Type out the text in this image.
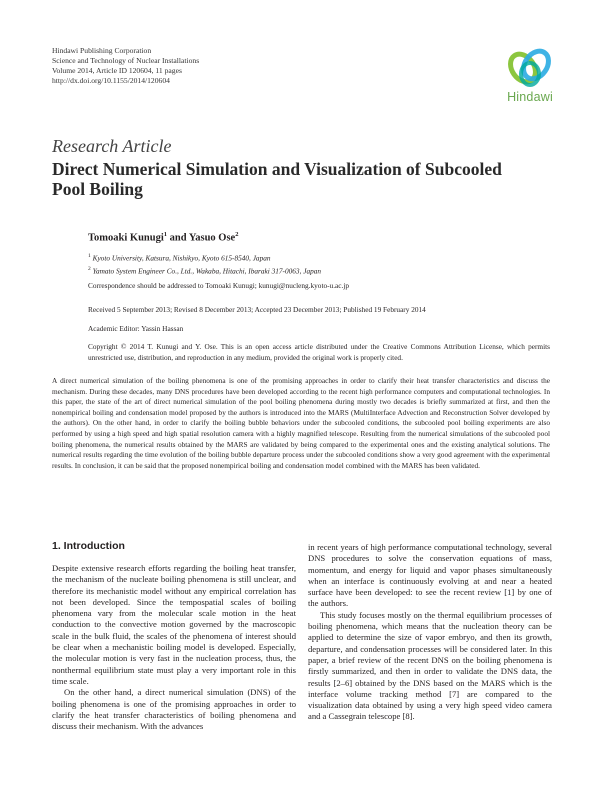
Hindawi Publishing Corporation
Science and Technology of Nuclear Installations
Volume 2014, Article ID 120604, 11 pages
http://dx.doi.org/10.1155/2014/120604
Hindawi
Research Article
Direct Numerical Simulation and Visualization of Subcooled Pool Boiling
Tomoaki Kunugi$^1$ and Yasuo Ose$^2$
$^1$ Kyoto University, Katsura, Nishikyo, Kyoto 615-8540, Japan
$^2$ Yamato System Engineer Co., Ltd., Wakaba, Hitachi, Ibaraki 317-0063, Japan
Correspondence should be addressed to Tomoaki Kunugi; kunugi@nucleng.kyoto-u.ac.jp
Received 5 September 2013; Revised 8 December 2013; Accepted 23 December 2013; Published 19 February 2014
Academic Editor: Yassin Hassan
Copyright © 2014 T. Kunugi and Y. Ose. This is an open access article distributed under the Creative Commons Attribution License, which permits unrestricted use, distribution, and reproduction in any medium, provided the original work is properly cited.
A direct numerical simulation of the boiling phenomena is one of the promising approaches in order to clarify their heat transfer characteristics and discuss the mechanism. During these decades, many DNS procedures have been developed according to the recent high performance computers and computational technologies. In this paper, the state of the art of direct numerical simulation of the pool boiling phenomena during mostly two decades is briefly summarized at first, and then the nonempirical boiling and condensation model proposed by the authors is introduced into the MARS (MultiInterface Advection and Reconstruction Solver developed by the authors). On the other hand, in order to clarify the boiling bubble behaviors under the subcooled conditions, the subcooled pool boiling experiments are also performed by using a high speed and high spatial resolution camera with a highly magnified telescope. Resulting from the numerical simulations of the subcooled pool boiling phenomena, the numerical results obtained by the MARS are validated by being compared to the experimental ones and the existing analytical solutions. The numerical results regarding the time evolution of the boiling bubble departure process under the subcooled conditions show a very good agreement with the experimental results. In conclusion, it can be said that the proposed nonempirical boiling and condensation model combined with the MARS has been validated.
1. Introduction
Despite extensive research efforts regarding the boiling heat transfer, the mechanism of the nucleate boiling phenomena is still unclear, and therefore its mechanistic model without any empirical correlation has not been developed. Since the tempospatial scales of boiling phenomena vary from the molecular scale motion in the heat conduction to the convective motion governed by the macroscopic scale in the bulk fluid, the scales of the phenomena of interest should be clear when a mechanistic boiling model is developed. Especially, the molecular motion is very fast in the nucleation process, thus, the nonthermal equilibrium state must play a very important role in this time scale.
On the other hand, a direct numerical simulation (DNS) of the boiling phenomena is one of the promising approaches in order to clarify the heat transfer characteristics of boiling phenomena and discuss their mechanism. With the advances
in recent years of high performance computational technology, several DNS procedures to solve the conservation equations of mass, momentum, and energy for liquid and vapor phases simultaneously when an interface is continuously evolving at and near a heated surface have been developed: to see the recent review [1] by one of the authors.
This study focuses mostly on the thermal equilibrium processes of boiling phenomena, which means that the nucleation theory can be applied to determine the size of vapor embryo, and then its growth, departure, and condensation processes will be considered later. In this paper, a brief review of the recent DNS on the boiling phenomena is firstly summarized, and then in order to validate the DNS data, the results [2–6] obtained by the DNS based on the MARS which is the interface volume tracking method [7] are compared to the visualization data obtained by using a very high speed video camera and a Cassegrain telescope [8].
